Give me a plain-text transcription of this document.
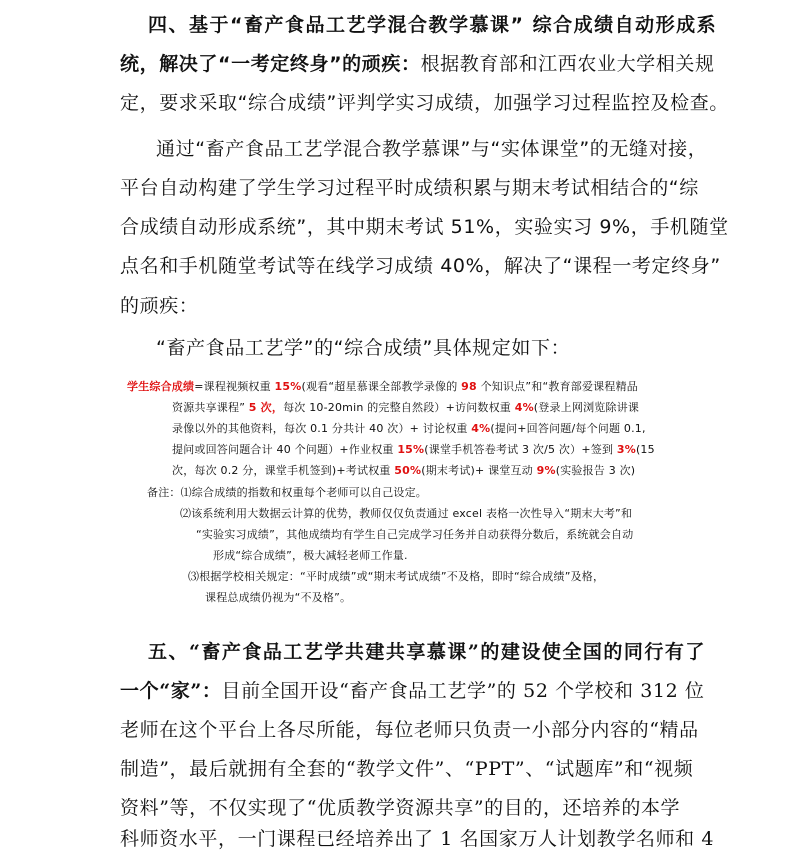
四、基于“畜产食品工艺学混合教学慕课” 综合成绩自动形成系
统，解决了“一考定终身”的顽疾：根据教育部和江西农业大学相关规
定，要求采取“综合成绩”评判学实习成绩，加强学习过程监控及检查。
通过“畜产食品工艺学混合教学慕课”与“实体课堂”的无缝对接，
平台自动构建了学生学习过程平时成绩积累与期末考试相结合的“综
合成绩自动形成系统”，其中期末考试 51%，实验实习 9%，手机随堂
点名和手机随堂考试等在线学习成绩 40%，解决了“课程一考定终身”
的顽疾：
“畜产食品工艺学”的“综合成绩”具体规定如下：
学生综合成绩=课程视频权重 15%(观看“超星慕课全部教学录像的 98 个知识点”和“教育部爱课程精品
资源共享课程” 5 次，每次 10-20min 的完整自然段）+访问数权重 4%(登录上网浏览除讲课
录像以外的其他资料，每次 0.1 分共计 40 次）+ 讨论权重 4%(提问+回答问题/每个问题 0.1,
提问或回答问题合计 40 个问题）+作业权重 15%(课堂手机答卷考试 3 次/5 次）+签到 3%(15
次，每次 0.2 分，课堂手机签到)+考试权重 50%(期末考试)+ 课堂互动 9%(实验报告 3 次)
备注：⑴综合成绩的指数和权重每个老师可以自己设定。
⑵该系统利用大数据云计算的优势，教师仅仅负责通过 excel 表格一次性导入“期末大考”和
“实验实习成绩”，其他成绩均有学生自己完成学习任务并自动获得分数后，系统就会自动
形成“综合成绩”，极大减轻老师工作量.
⑶根据学校相关规定：“平时成绩”或“期末考试成绩”不及格，即时“综合成绩”及格，
课程总成绩仍视为“不及格”。
五、“畜产食品工艺学共建共享慕课”的建设使全国的同行有了
一个“家”：目前全国开设“畜产食品工艺学”的 52 个学校和 312 位
老师在这个平台上各尽所能，每位老师只负责一小部分内容的“精品
制造”，最后就拥有全套的“教学文件”、“PPT”、“试题库”和“视频
资料”等，不仅实现了“优质教学资源共享”的目的，还培养的本学
科师资水平，一门课程已经培养出了 1 名国家万人计划教学名师和 4
